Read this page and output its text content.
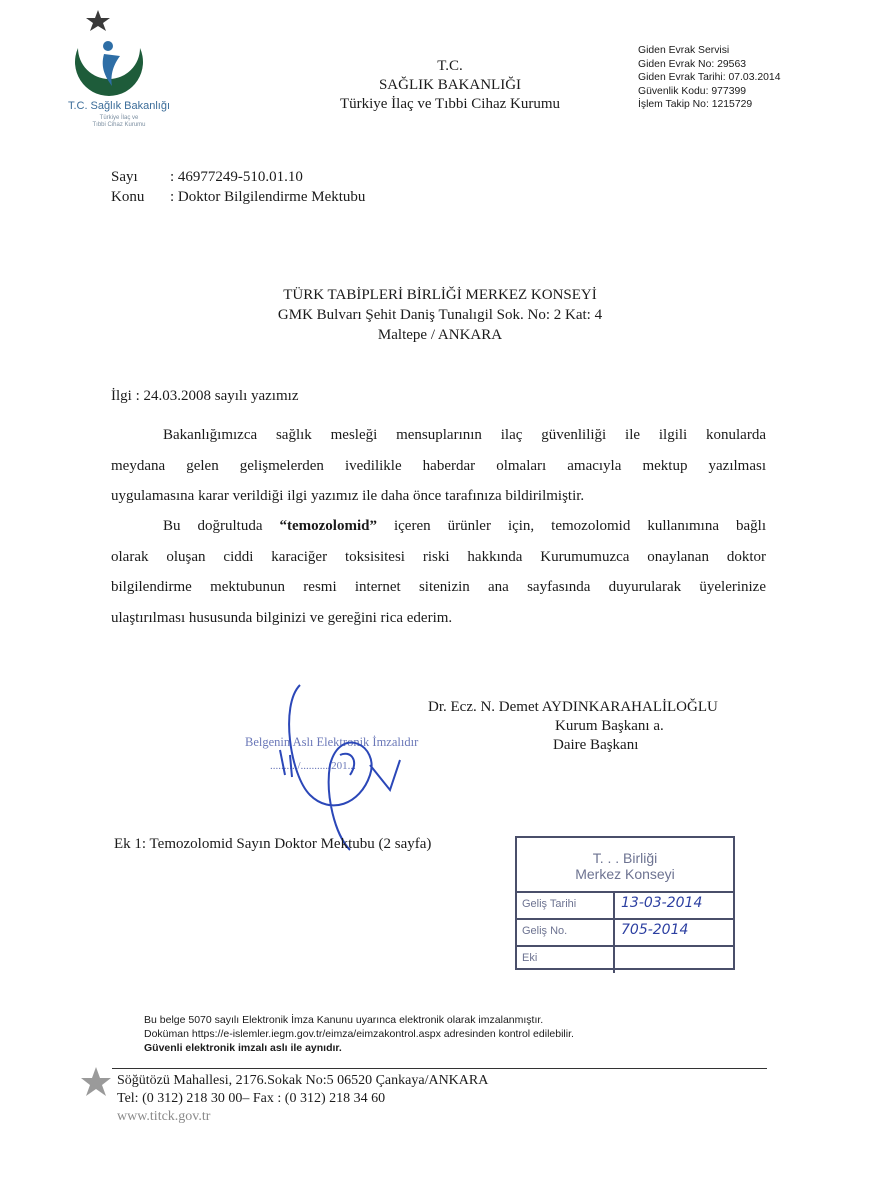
T.C. Sağlık Bakanlığı
Türkiye İlaç ve
Tıbbi Cihaz Kurumu
T.C.
SAĞLIK BAKANLIĞI
Türkiye İlaç ve Tıbbi Cihaz Kurumu
Giden Evrak Servisi
Giden Evrak No: 29563
Giden Evrak Tarihi: 07.03.2014
Güvenlik Kodu: 977399
İşlem Takip No: 1215729
Sayı : 46977249-510.01.10
Konu : Doktor Bilgilendirme Mektubu
TÜRK TABİPLERİ BİRLİĞİ MERKEZ KONSEYİ
GMK Bulvarı Şehit Daniş Tunalıgil Sok. No: 2 Kat: 4
Maltepe / ANKARA
İlgi : 24.03.2008 sayılı yazımız
Bakanlığımızca sağlık mesleği mensuplarının ilaç güvenliliği ile ilgili konularda
meydana gelen gelişmelerden ivedilikle haberdar olmaları amacıyla mektup yazılması
uygulamasına karar verildiği ilgi yazımız ile daha önce tarafınıza bildirilmiştir.
Bu doğrultuda “temozolomid” içeren ürünler için, temozolomid kullanımına bağlı
olarak oluşan ciddi karaciğer toksisitesi riski hakkında Kurumumuzca onaylanan doktor
bilgilendirme mektubunun resmi internet sitenizin ana sayfasında duyurularak üyelerinize
ulaştırılması hususunda bilginizi ve gereğini rica ederim.
Dr. Ecz. N. Demet AYDINKARAHALİLOĞLU
Kurum Başkanı a.
Daire Başkanı
Belgenin Aslı Elektronik İmzalıdır
........../........../201...
Ek 1: Temozolomid Sayın Doktor Mektubu (2 sayfa)
T. . . Birliği
Merkez Konseyi
Geliş Tarihi	13-03-2014
Geliş No.	705-2014
Eki
Bu belge 5070 sayılı Elektronik İmza Kanunu uyarınca elektronik olarak imzalanmıştır.
Doküman https://e-islemler.iegm.gov.tr/eimza/eimzakontrol.aspx adresinden kontrol edilebilir.
Güvenli elektronik imzalı aslı ile aynıdır.
Söğütözü Mahallesi, 2176.Sokak No:5 06520 Çankaya/ANKARA
Tel: (0 312) 218 30 00– Fax : (0 312) 218 34 60
www.titck.gov.tr
